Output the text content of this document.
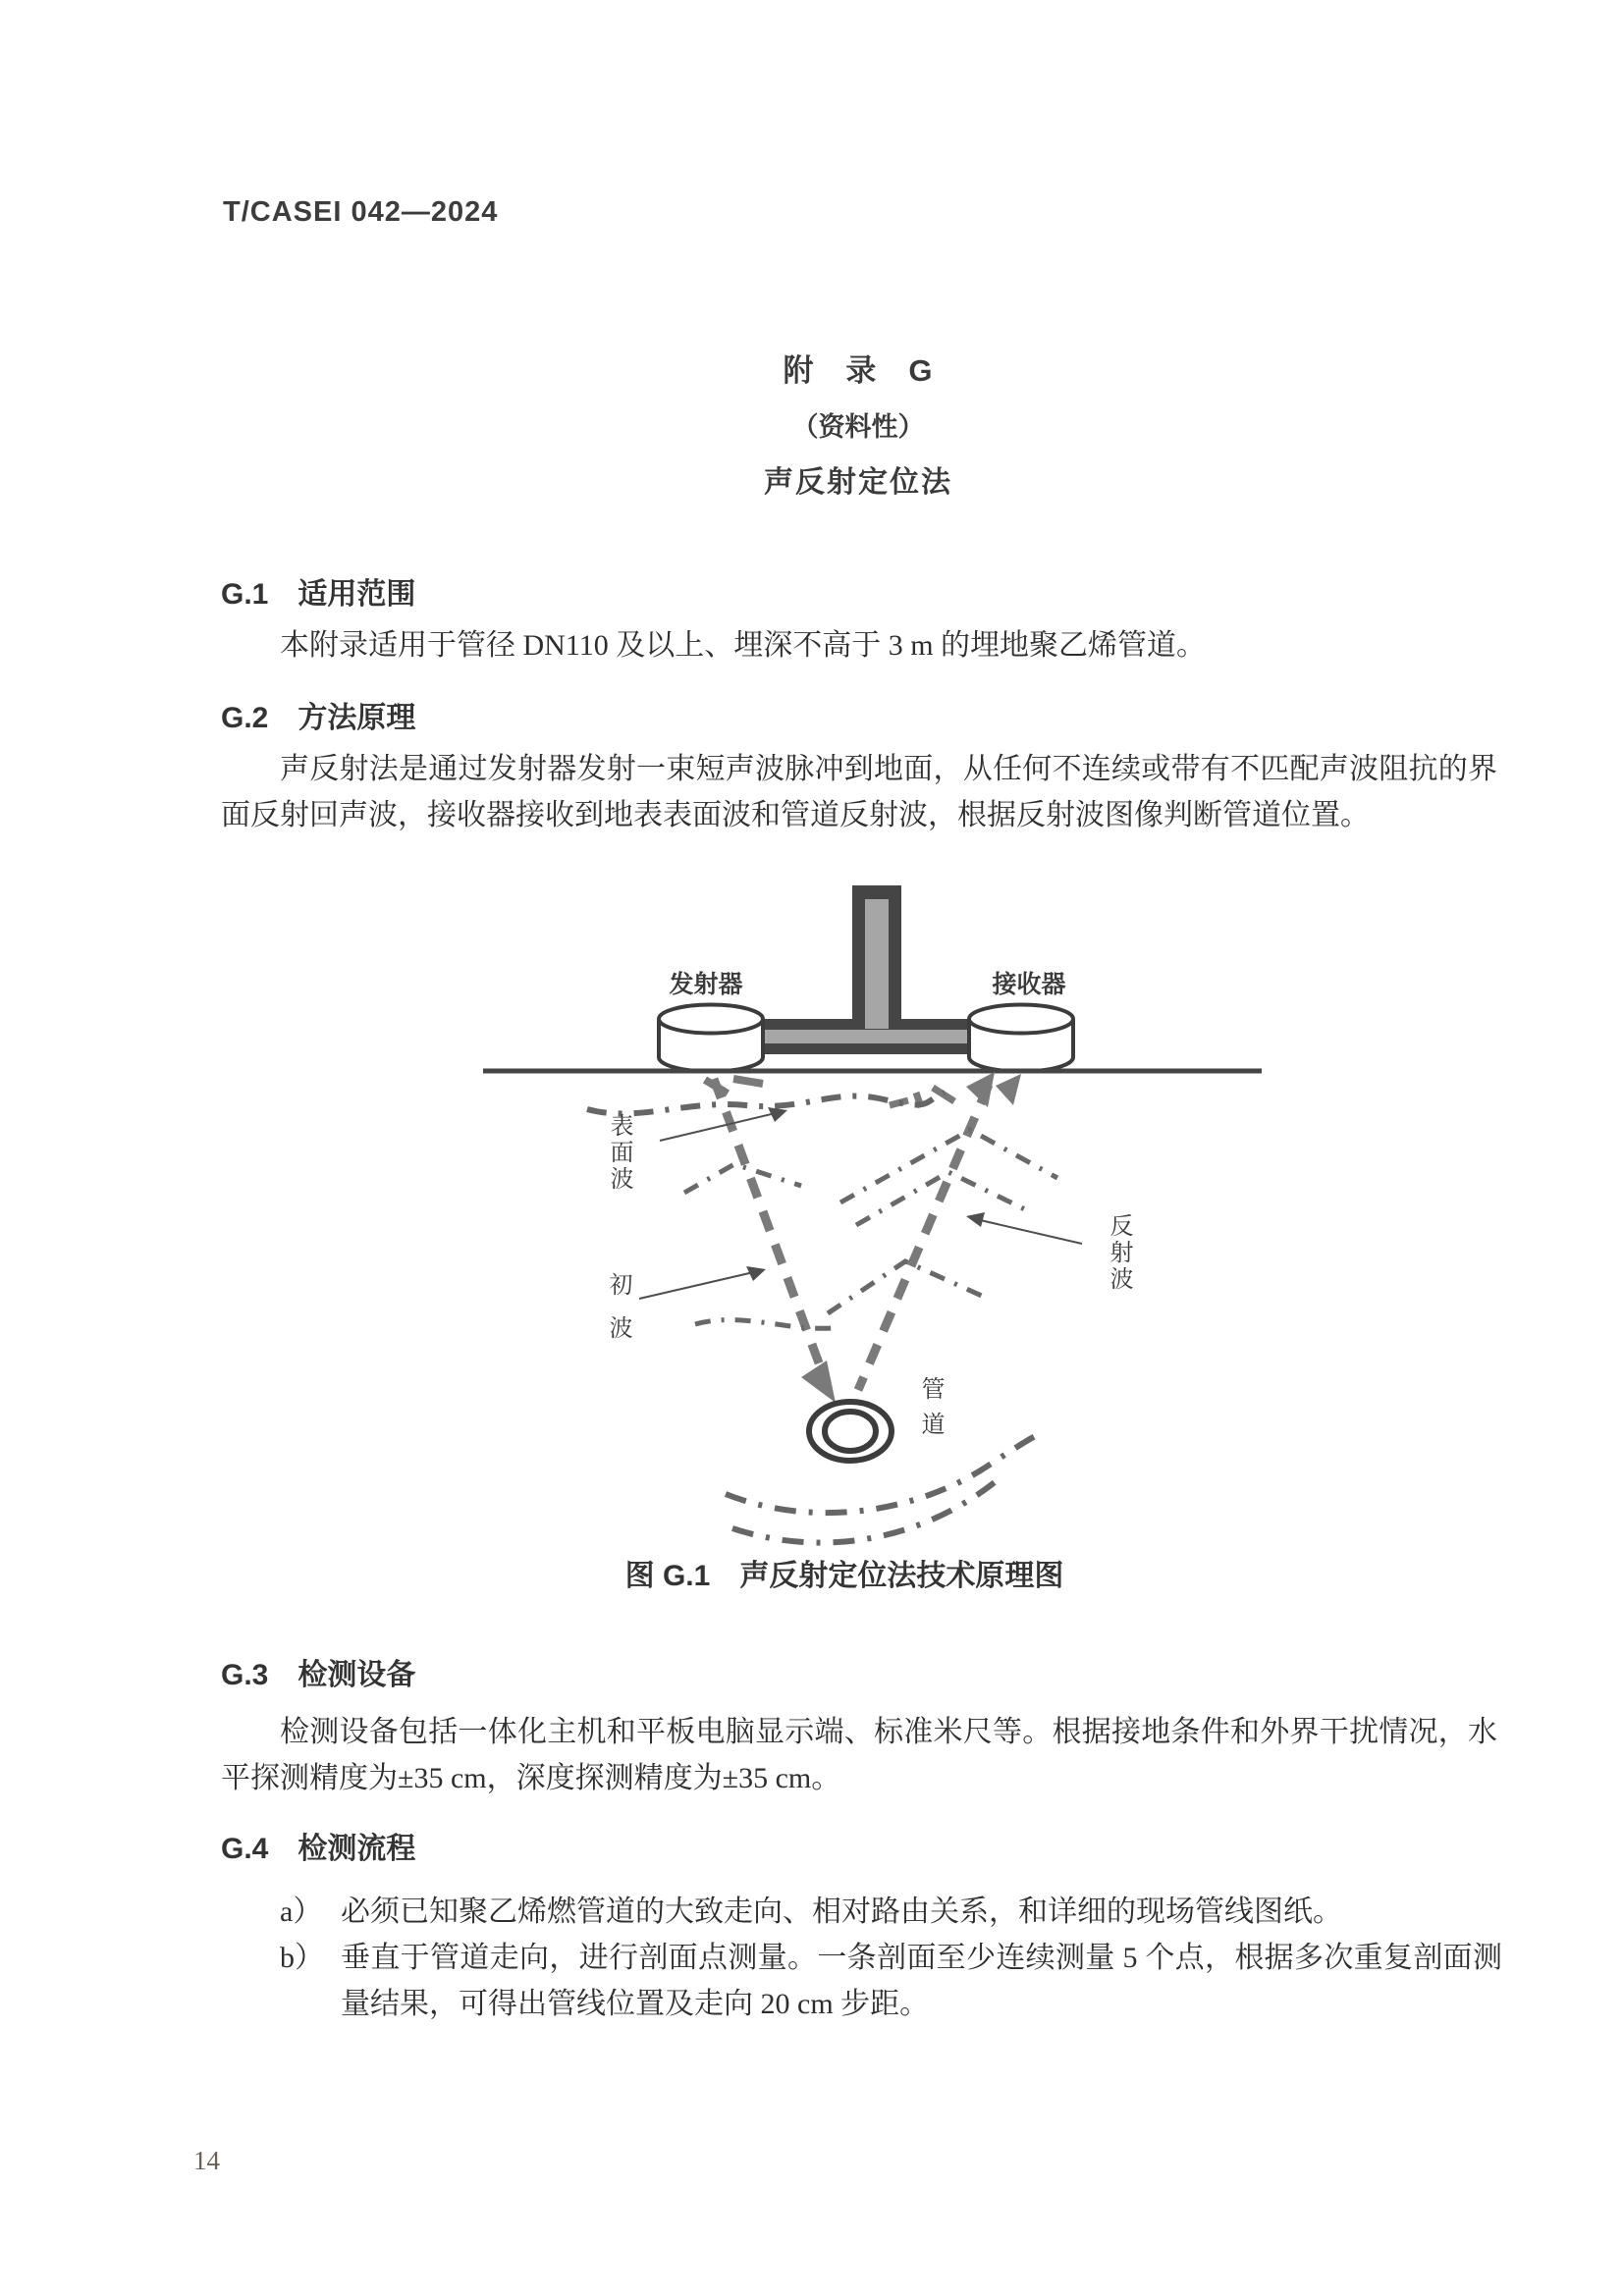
T/CASEI 042—2024
附　录　G
（资料性）
声反射定位法
G.1　适用范围
本附录适用于管径 DN110 及以上、埋深不高于 3 m 的埋地聚乙烯管道。
G.2　方法原理
声反射法是通过发射器发射一束短声波脉冲到地面，从任何不连续或带有不匹配声波阻抗的界面反射回声波，接收器接收到地表表面波和管道反射波，根据反射波图像判断管道位置。
发射器	接收器
表面波
初波
反射波
管道
图 G.1　声反射定位法技术原理图
G.3　检测设备
检测设备包括一体化主机和平板电脑显示端、标准米尺等。根据接地条件和外界干扰情况，水平探测精度为±35 cm，深度探测精度为±35 cm。
G.4　检测流程
a） 必须已知聚乙烯燃管道的大致走向、相对路由关系，和详细的现场管线图纸。
b） 垂直于管道走向，进行剖面点测量。一条剖面至少连续测量 5 个点，根据多次重复剖面测量结果，可得出管线位置及走向 20 cm 步距。
14
